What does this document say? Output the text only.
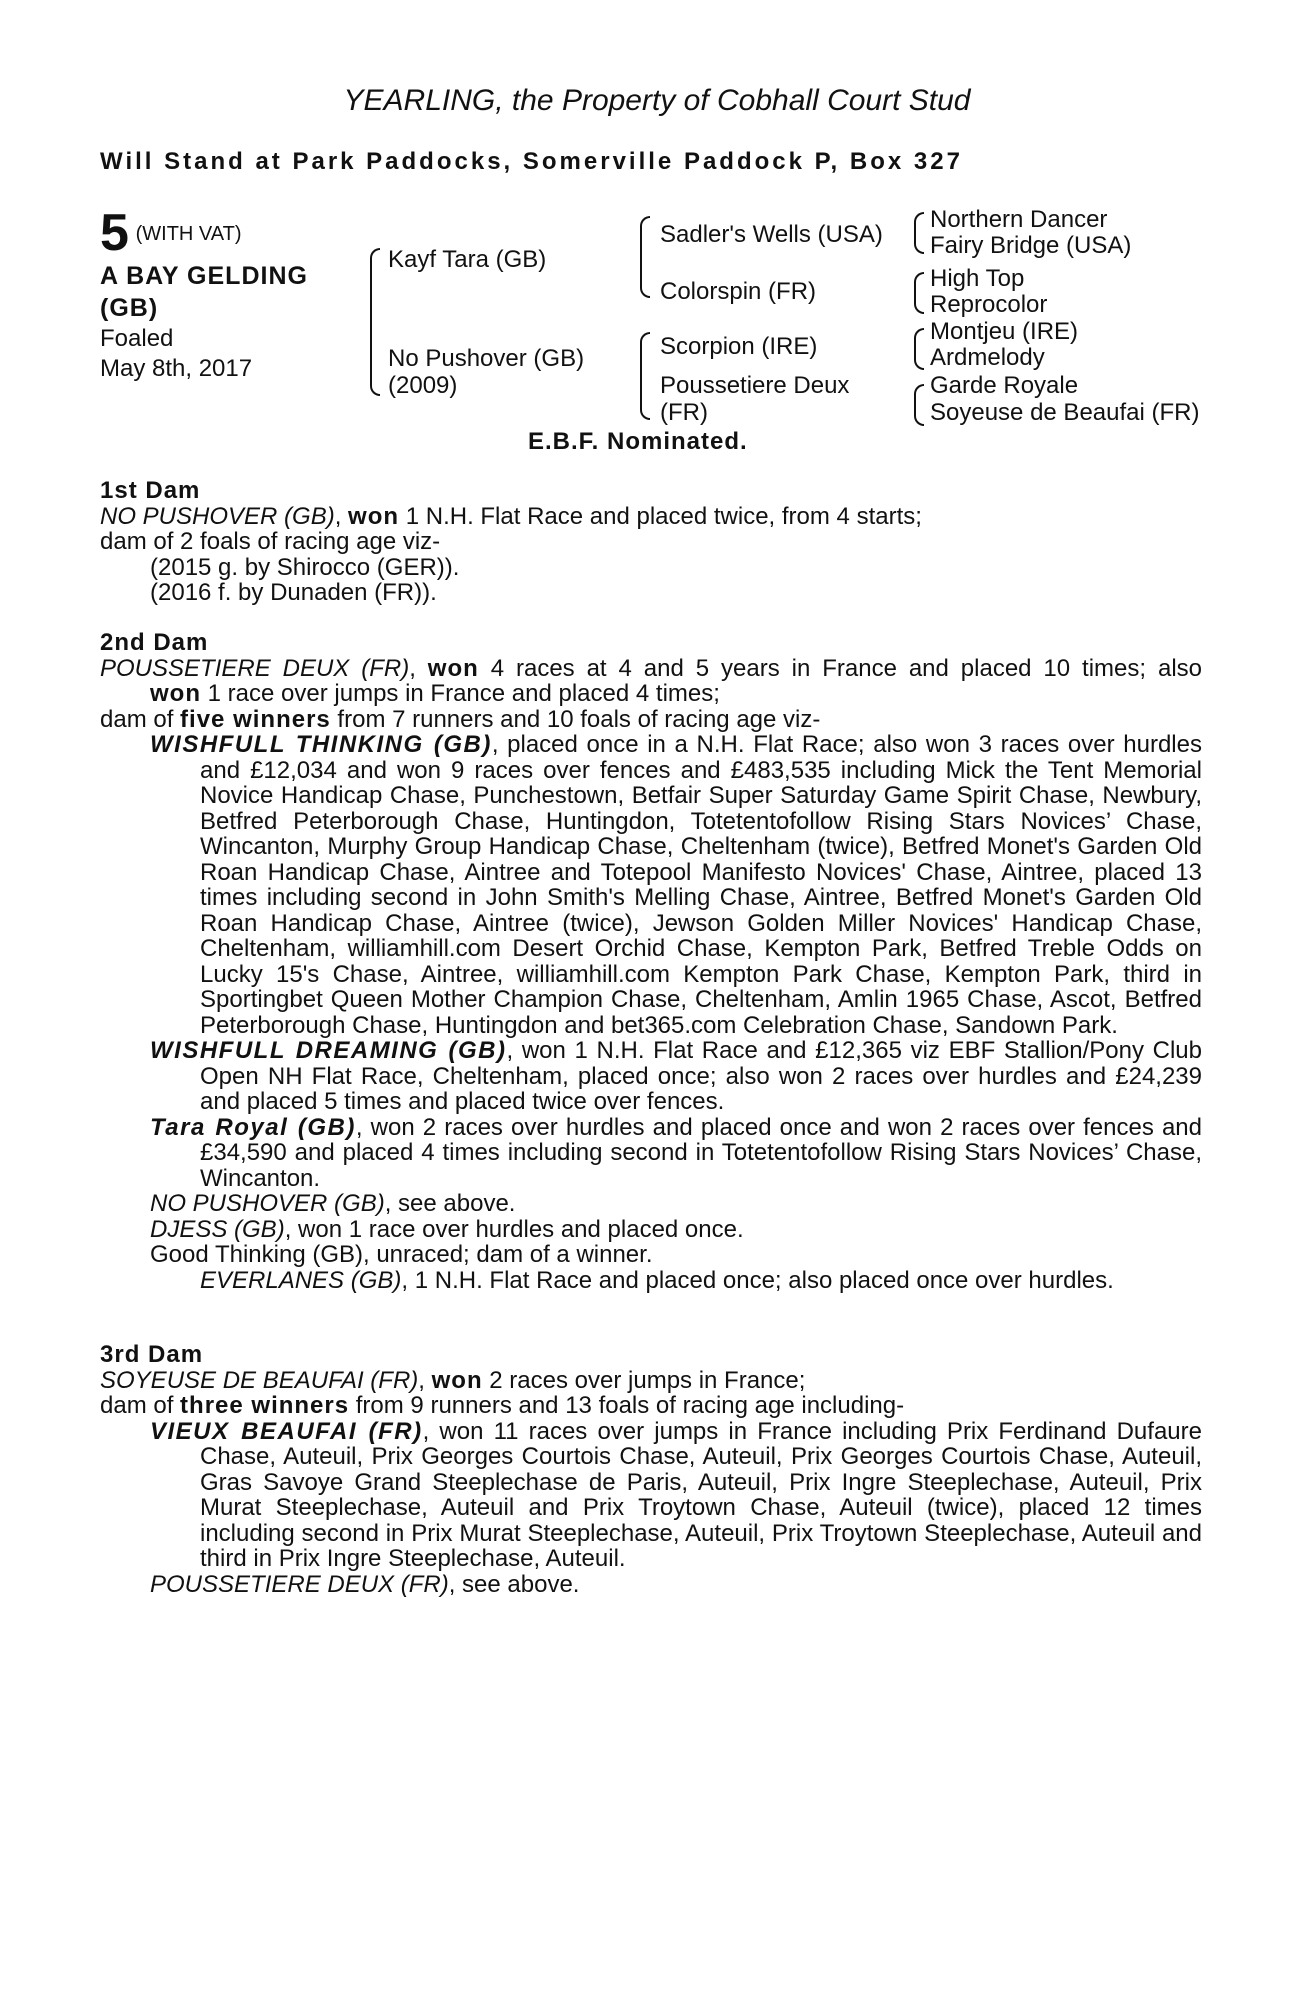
YEARLING, the Property of Cobhall Court Stud
Will Stand at Park Paddocks, Somerville Paddock P, Box 327
5 $^{(WITH VAT)}$
A BAY GELDING
(GB)
Foaled
May 8th, 2017
Kayf Tara (GB)
No Pushover (GB)
(2009)
Sadler's Wells (USA)
Colorspin (FR)
Scorpion (IRE)
Poussetiere Deux
(FR)
Northern Dancer
Fairy Bridge (USA)
High Top
Reprocolor
Montjeu (IRE)
Ardmelody
Garde Royale
Soyeuse de Beaufai (FR)
E.B.F. Nominated.
1st Dam
NO PUSHOVER (GB), won 1 N.H. Flat Race and placed twice, from 4 starts;
dam of 2 foals of racing age viz-
(2015 g. by Shirocco (GER)).
(2016 f. by Dunaden (FR)).
2nd Dam
POUSSETIERE DEUX (FR), won 4 races at 4 and 5 years in France and placed 10 times; also
won 1 race over jumps in France and placed 4 times;
dam of five winners from 7 runners and 10 foals of racing age viz-
WISHFULL THINKING (GB), placed once in a N.H. Flat Race; also won 3 races over hurdles and £12,034 and won 9 races over fences and £483,535 including Mick the Tent Memorial Novice Handicap Chase, Punchestown, Betfair Super Saturday Game Spirit Chase, Newbury, Betfred Peterborough Chase, Huntingdon, Totetentofollow Rising Stars Novices’ Chase, Wincanton, Murphy Group Handicap Chase, Cheltenham (twice), Betfred Monet's Garden Old Roan Handicap Chase, Aintree and Totepool Manifesto Novices' Chase, Aintree, placed 13 times including second in John Smith's Melling Chase, Aintree, Betfred Monet's Garden Old Roan Handicap Chase, Aintree (twice), Jewson Golden Miller Novices' Handicap Chase, Cheltenham, williamhill.com Desert Orchid Chase, Kempton Park, Betfred Treble Odds on Lucky 15's Chase, Aintree, williamhill.com Kempton Park Chase, Kempton Park, third in Sportingbet Queen Mother Champion Chase, Cheltenham, Amlin 1965 Chase, Ascot, Betfred Peterborough Chase, Huntingdon and bet365.com Celebration Chase, Sandown Park.
WISHFULL DREAMING (GB), won 1 N.H. Flat Race and £12,365 viz EBF Stallion/Pony Club Open NH Flat Race, Cheltenham, placed once; also won 2 races over hurdles and £24,239 and placed 5 times and placed twice over fences.
Tara Royal (GB), won 2 races over hurdles and placed once and won 2 races over fences and £34,590 and placed 4 times including second in Totetentofollow Rising Stars Novices’ Chase, Wincanton.
NO PUSHOVER (GB), see above.
DJESS (GB), won 1 race over hurdles and placed once.
Good Thinking (GB), unraced; dam of a winner.
EVERLANES (GB), 1 N.H. Flat Race and placed once; also placed once over hurdles.
3rd Dam
SOYEUSE DE BEAUFAI (FR), won 2 races over jumps in France;
dam of three winners from 9 runners and 13 foals of racing age including-
VIEUX BEAUFAI (FR), won 11 races over jumps in France including Prix Ferdinand Dufaure Chase, Auteuil, Prix Georges Courtois Chase, Auteuil, Prix Georges Courtois Chase, Auteuil, Gras Savoye Grand Steeplechase de Paris, Auteuil, Prix Ingre Steeplechase, Auteuil, Prix Murat Steeplechase, Auteuil and Prix Troytown Chase, Auteuil (twice), placed 12 times including second in Prix Murat Steeplechase, Auteuil, Prix Troytown Steeplechase, Auteuil and third in Prix Ingre Steeplechase, Auteuil.
POUSSETIERE DEUX (FR), see above.
